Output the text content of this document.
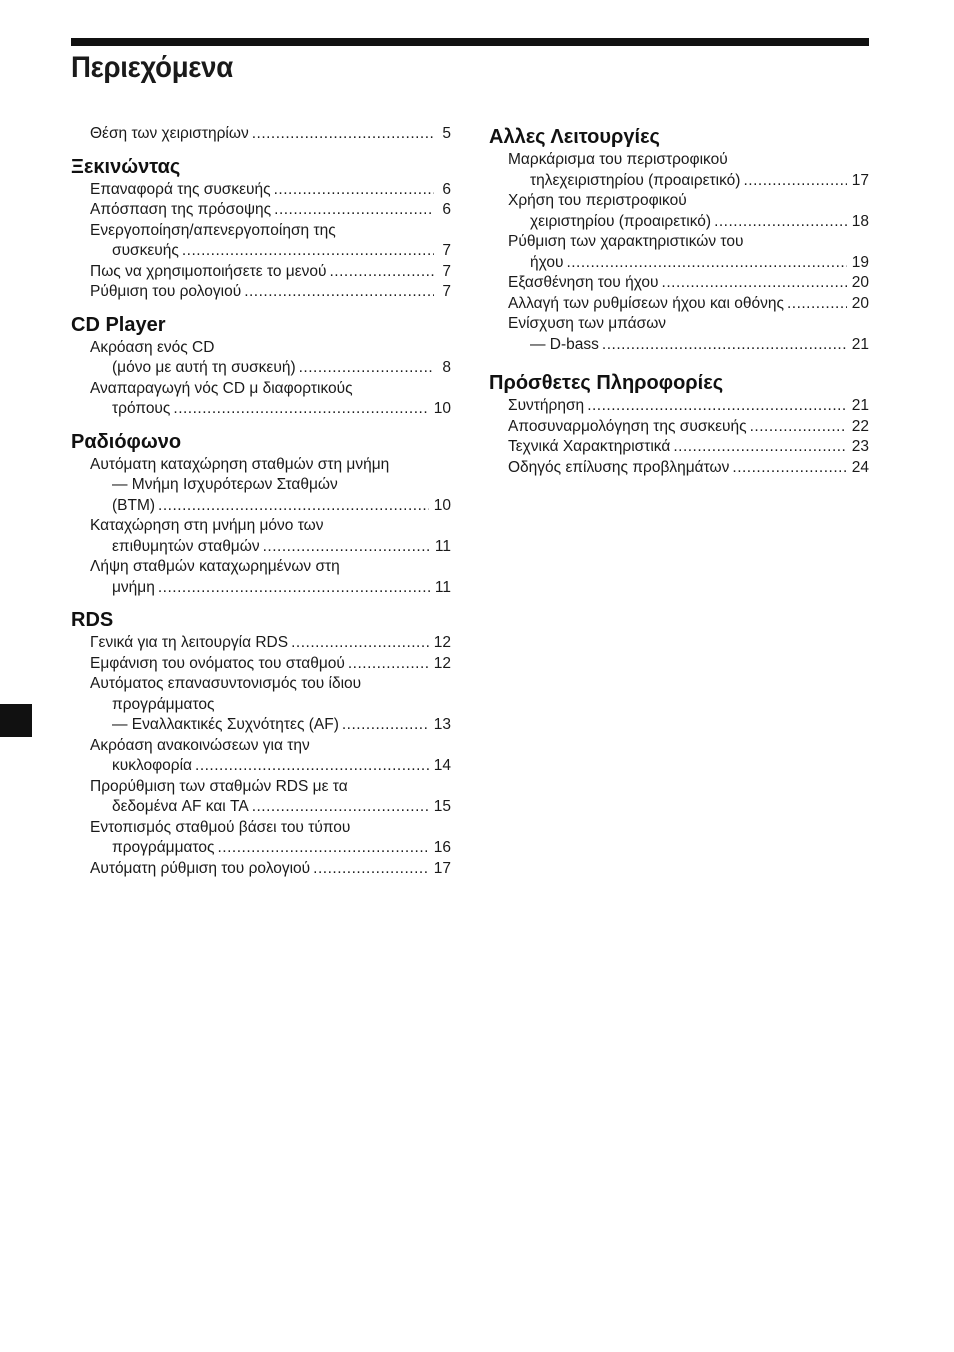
Περιεχόμενα
Θέση των χειριστηρίων .....	5
Ξεκινώντας
Επαναφορά της συσκευής .....	6
Απόσπαση της πρόσοψης .....	6
Ενεργοποίηση/απενεργοποίηση της
συσκευής .....	7
Πως να χρησιμοποιήσετε το μενού .....	7
Ρύθμιση του ρολογιού .....	7
CD Player
Ακρόαση ενός CD
(μόνο με αυτή τη συσκευή) .....	8
Αναπαραγωγή νός CD μ διαφορτικούς
τρόπους .....	10
Ραδιόφωνο
Αυτόματη καταχώρηση σταθμών στη μνήμη
— Μνήμη Ισχυρότερων Σταθμών
(BTM) .....	10
Καταχώρηση στη μνήμη μόνο των
επιθυμητών σταθμών .....	11
Λήψη σταθμών καταχωρημένων στη
μνήμη .....	11
RDS
Γενικά για τη λειτουργία RDS .....	12
Εμφάνιση του ονόματος του σταθμού .....	12
Αυτόματος επανασυντονισμός του ίδιου
προγράμματος
— Εναλλακτικές Συχνότητες (AF) .....	13
Ακρόαση ανακοινώσεων για την
κυκλοφορία .....	14
Προρύθμιση των σταθμών RDS με τα
δεδομένα AF και TA .....	15
Εντοπισμός σταθμού βάσει του τύπου
προγράμματος .....	16
Αυτόματη ρύθμιση του ρολογιού .....	17
Αλλες Λειτουργίες
Μαρκάρισμα του περιστροφικού
τηλεχειριστηρίου (προαιρετικό) .....	17
Χρήση του περιστροφικού
χειριστηρίου (προαιρετικό) .....	18
Ρύθμιση των χαρακτηριστικών του
ήχου .....	19
Εξασθένηση του ήχου .....	20
Αλλαγή των ρυθμίσεων ήχου και οθόνης .....	20
Ενίσχυση των μπάσων
— D-bass .....	21
Πρόσθετες Πληροφορίες
Συντήρηση .....	21
Αποσυναρμολόγηση της συσκευής .....	22
Τεχνικά Χαρακτηριστικά .....	23
Οδηγός επίλυσης προβλημάτων .....	24
